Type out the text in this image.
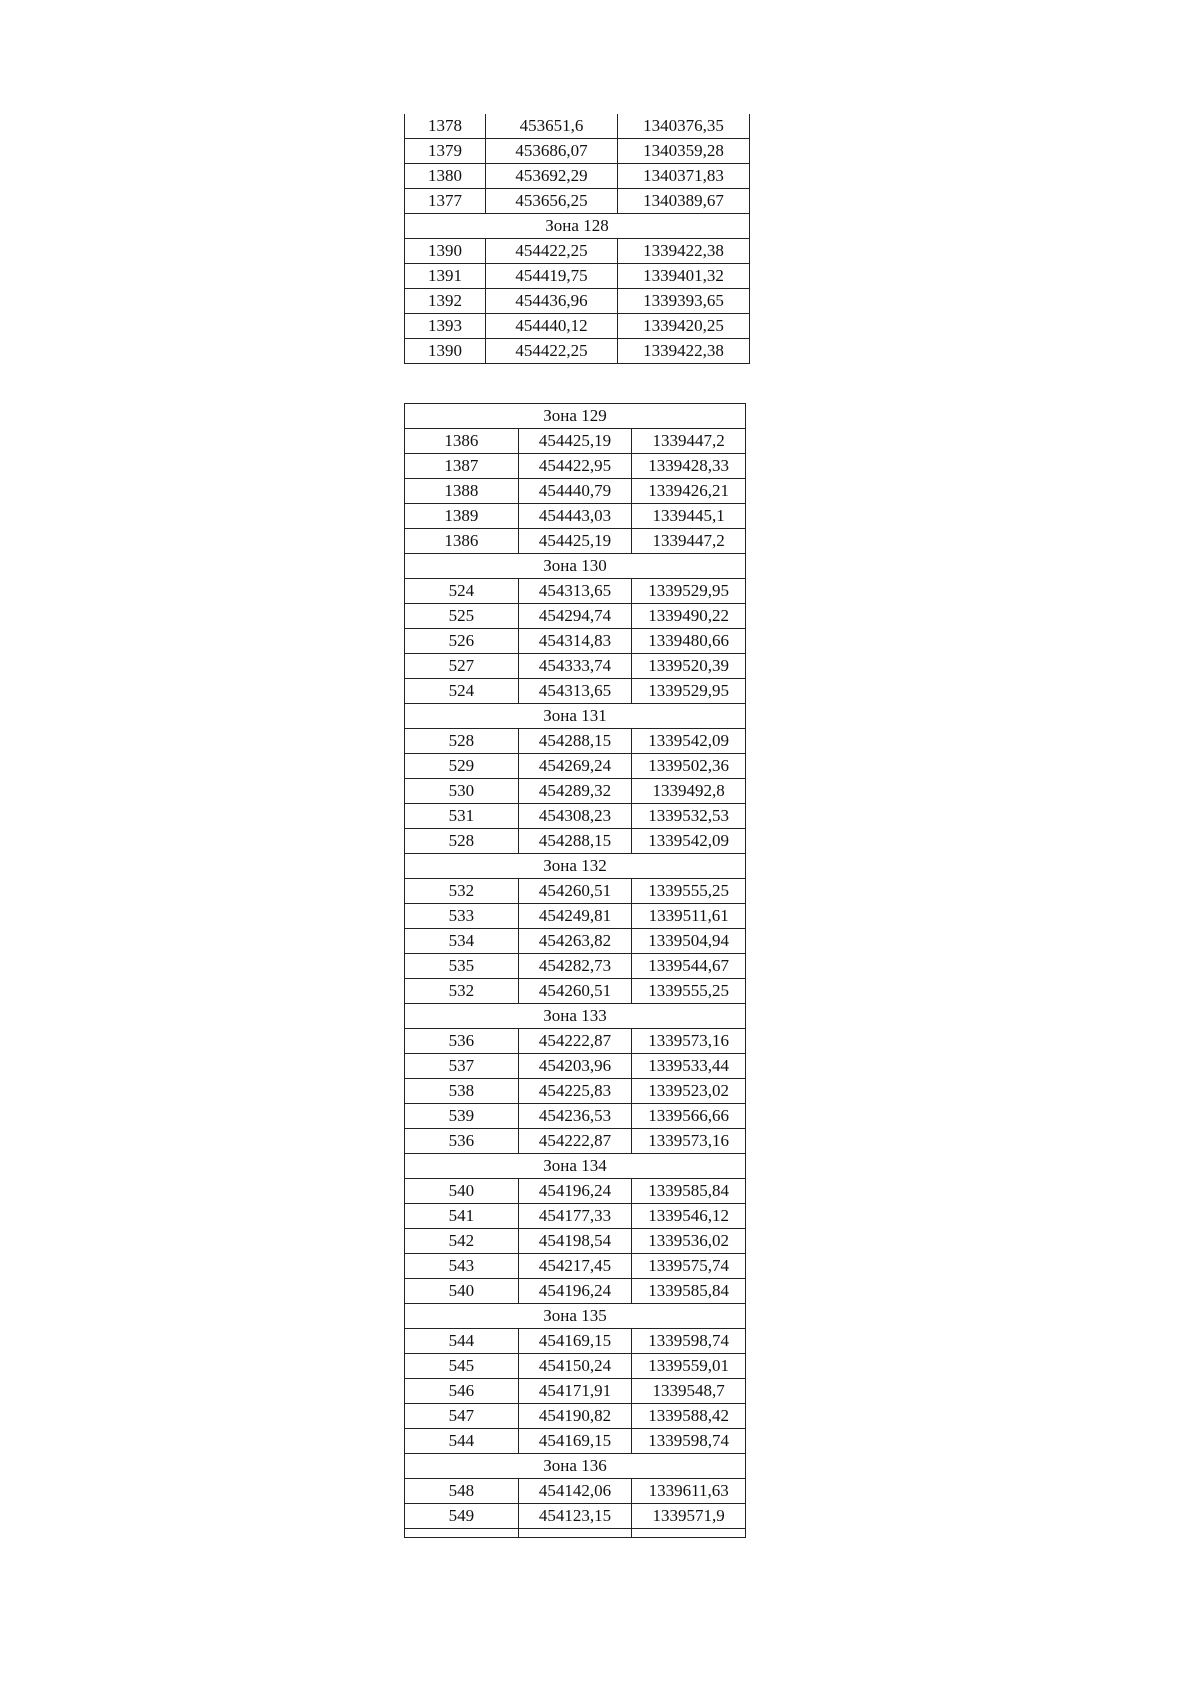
1378	453651,6	1340376,35
1379	453686,07	1340359,28
1380	453692,29	1340371,83
1377	453656,25	1340389,67
Зона 128		
1390	454422,25	1339422,38
1391	454419,75	1339401,32
1392	454436,96	1339393,65
1393	454440,12	1339420,25
1390	454422,25	1339422,38
Зона 129		
1386	454425,19	1339447,2
1387	454422,95	1339428,33
1388	454440,79	1339426,21
1389	454443,03	1339445,1
1386	454425,19	1339447,2
Зона 130		
524	454313,65	1339529,95
525	454294,74	1339490,22
526	454314,83	1339480,66
527	454333,74	1339520,39
524	454313,65	1339529,95
Зона 131		
528	454288,15	1339542,09
529	454269,24	1339502,36
530	454289,32	1339492,8
531	454308,23	1339532,53
528	454288,15	1339542,09
Зона 132		
532	454260,51	1339555,25
533	454249,81	1339511,61
534	454263,82	1339504,94
535	454282,73	1339544,67
532	454260,51	1339555,25
Зона 133		
536	454222,87	1339573,16
537	454203,96	1339533,44
538	454225,83	1339523,02
539	454236,53	1339566,66
536	454222,87	1339573,16
Зона 134		
540	454196,24	1339585,84
541	454177,33	1339546,12
542	454198,54	1339536,02
543	454217,45	1339575,74
540	454196,24	1339585,84
Зона 135		
544	454169,15	1339598,74
545	454150,24	1339559,01
546	454171,91	1339548,7
547	454190,82	1339588,42
544	454169,15	1339598,74
Зона 136		
548	454142,06	1339611,63
549	454123,15	1339571,9
